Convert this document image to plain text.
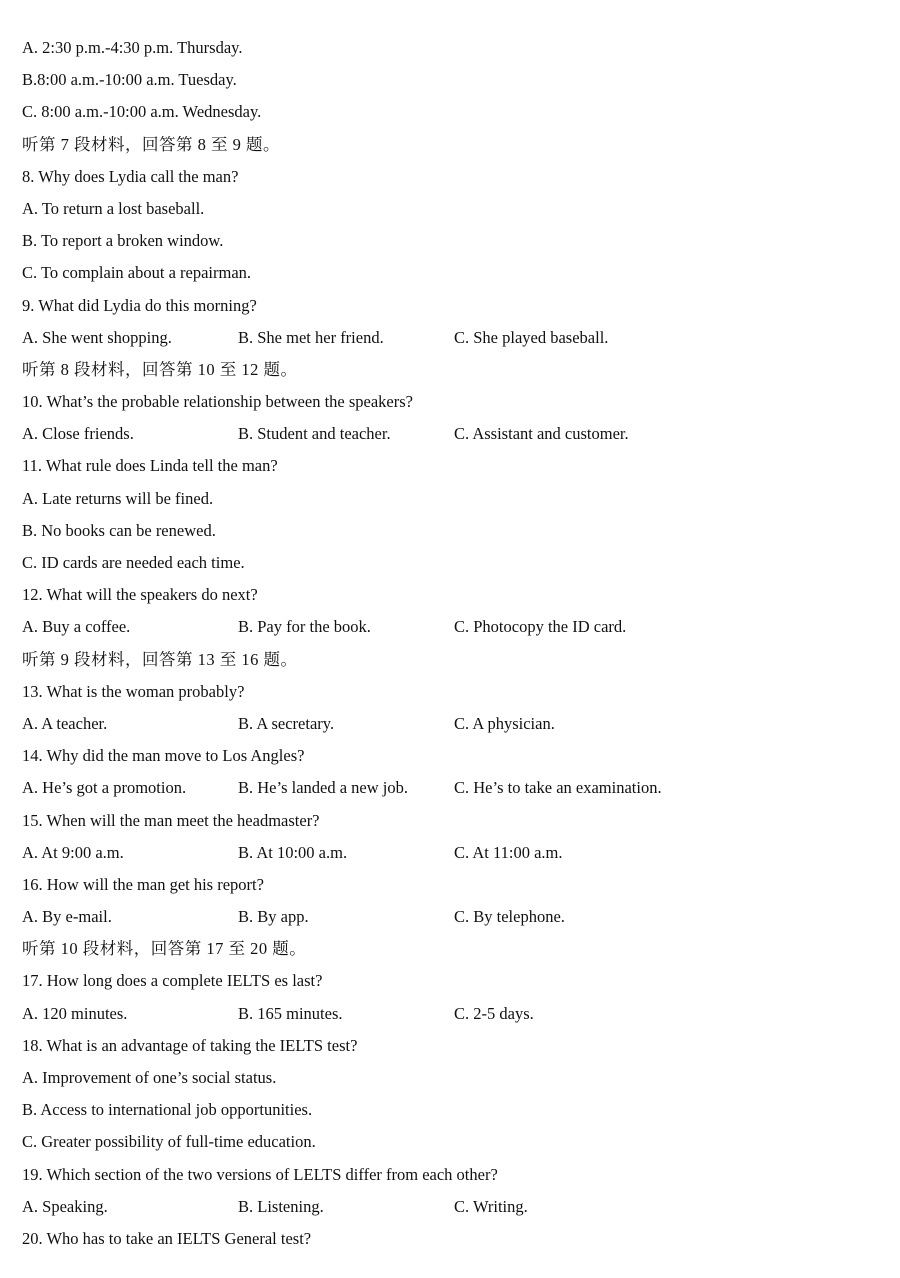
A. 2:30 p.m.-4:30 p.m. Thursday.
B.8:00 a.m.-10:00 a.m. Tuesday.
C. 8:00 a.m.-10:00 a.m. Wednesday.
听第 7 段材料，回答第 8 至 9 题。
8. Why does Lydia call the man?
A. To return a lost baseball.
B. To report a broken window.
C. To complain about a repairman.
9. What did Lydia do this morning?
A. She went shopping.	B. She met her friend.	C. She played baseball.
听第 8 段材料，回答第 10 至 12 题。
10. What’s the probable relationship between the speakers?
A. Close friends.	B. Student and teacher.	C. Assistant and customer.
11. What rule does Linda tell the man?
A. Late returns will be fined.
B. No books can be renewed.
C. ID cards are needed each time.
12. What will the speakers do next?
A. Buy a coffee.	B. Pay for the book.	C. Photocopy the ID card.
听第 9 段材料，回答第 13 至 16 题。
13. What is the woman probably?
A. A teacher.	B. A secretary.	C. A physician.
14. Why did the man move to Los Angles?
A. He’s got a promotion.	B. He’s landed a new job.	C. He’s to take an examination.
15. When will the man meet the headmaster?
A. At 9:00 a.m.	B. At 10:00 a.m.	C. At 11:00 a.m.
16. How will the man get his report?
A. By e-mail.	B. By app.	C. By telephone.
听第 10 段材料，回答第 17 至 20 题。
17. How long does a complete IELTS es last?
A. 120 minutes.	B. 165 minutes.	C. 2-5 days.
18. What is an advantage of taking the IELTS test?
A. Improvement of one’s social status.
B. Access to international job opportunities.
C. Greater possibility of full-time education.
19. Which section of the two versions of LELTS differ from each other?
A. Speaking.	B. Listening.	C. Writing.
20. Who has to take an IELTS General test?
